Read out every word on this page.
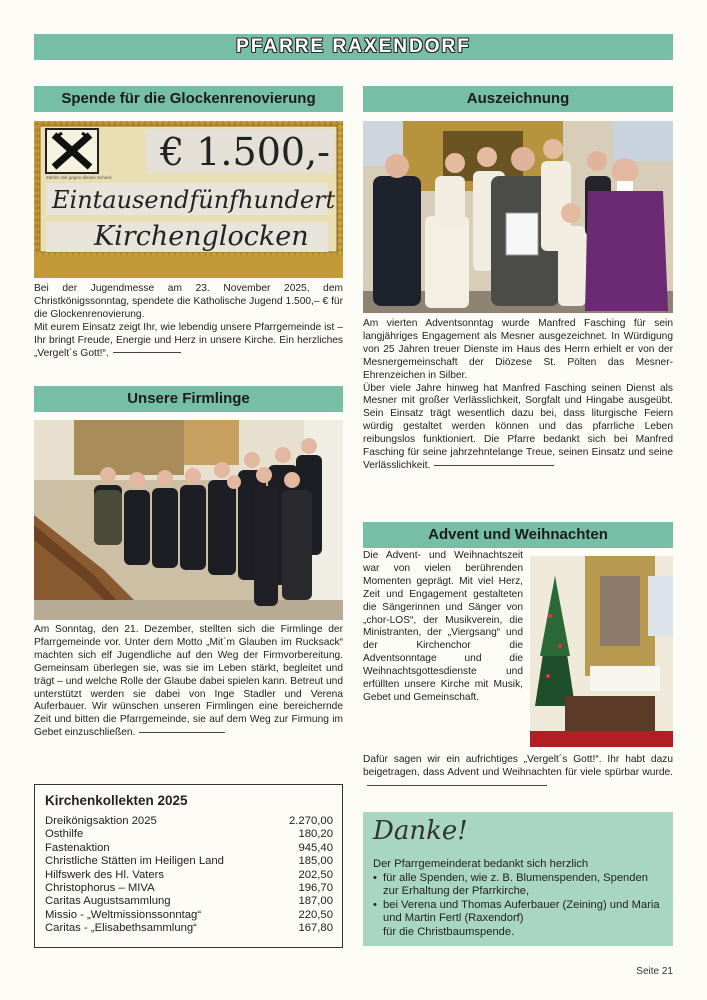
PFARRE RAXENDORF
Spende für die Glockenrenovierung
€ 1.500,-
Zahlen Sie gegen diesen Scheck
Eintausendfünfhundert
Kirchenglocken

Bei der Jugendmesse am 23. November 2025, dem Christkönigssonntag, spendete die Katholische Jugend 1.500,– € für die Glockenrenovierung.

Mit eurem Einsatz zeigt Ihr, wie lebendig unsere Pfarrgemeinde ist – Ihr bringt Freude, Energie und Herz in unsere Kirche. Ein herzliches „Vergelt´s Gott!“.

Unsere Firmlinge

Am Sonntag, den 21. Dezember, stellten sich die Firmlinge der Pfarrgemeinde vor. Unter dem Motto „Mit´m Glauben im Rucksack“ machten sich elf Jugendliche auf den Weg der Firmvorbereitung. Gemeinsam überlegen sie, was sie im Leben stärkt, begleitet und trägt – und welche Rolle der Glaube dabei spielen kann. Betreut und unterstützt werden sie dabei von Inge Stadler und Verena Auferbauer. Wir wünschen unseren Firmlingen eine bereichernde Zeit und bitten die Pfarrgemeinde, sie auf dem Weg zur Firmung im Gebet einzuschließen.

Kirchenkollekten 2025
Dreikönigsaktion 2025	2.270,00
Osthilfe	180,20
Fastenaktion	945,40
Christliche Stätten im Heiligen Land	185,00
Hilfswerk des Hl. Vaters	202,50
Christophorus – MIVA	196,70
Caritas Augustsammlung	187,00
Missio - „Weltmissionssonntag“	220,50
Caritas - „Elisabethsammlung“	167,80
Auszeichnung

Am vierten Adventsonntag wurde Manfred Fasching für sein langjähriges Engagement als Mesner ausgezeichnet. In Würdigung von 25 Jahren treuer Dienste im Haus des Herrn erhielt er von der Mesnergemeinschaft der Diözese St. Pölten das Mesner-Ehrenzeichen in Silber.

Über viele Jahre hinweg hat Manfred Fasching seinen Dienst als Mesner mit großer Verlässlichkeit, Sorgfalt und Hingabe ausgeübt. Sein Einsatz trägt wesentlich dazu bei, dass liturgische Feiern würdig gestaltet werden können und das pfarrliche Leben reibungslos funktioniert. Die Pfarre bedankt sich bei Manfred Fasching für seine jahrzehntelange Treue, seinen Einsatz und seine Verlässlichkeit.

Advent und Weihnachten

Die Advent- und Weihnachtszeit war von vielen berührenden Momenten geprägt. Mit viel Herz, Zeit und Engagement gestalteten die Sängerinnen und Sänger von „chor-LOS“, der Musikverein, die Ministranten, der „Viergsang“ und der Kirchenchor die Adventsonntage und die Weihnachtsgottesdienste und erfüllten unsere Kirche mit Musik, Gebet und Gemeinschaft.

Dafür sagen wir ein aufrichtiges „Vergelt´s Gott!“. Ihr habt dazu beigetragen, dass Advent und Weihnachten für viele spürbar wurde.

Danke!
Der Pfarrgemeinderat bedankt sich herzlich
• für alle Spenden, wie z. B. Blumenspenden, Spenden zur Erhaltung der Pfarrkirche,
• bei Verena und Thomas Auferbauer (Zeining) und Maria und Martin Fertl (Raxendorf)
für die Christbaumspende.
Seite 21
